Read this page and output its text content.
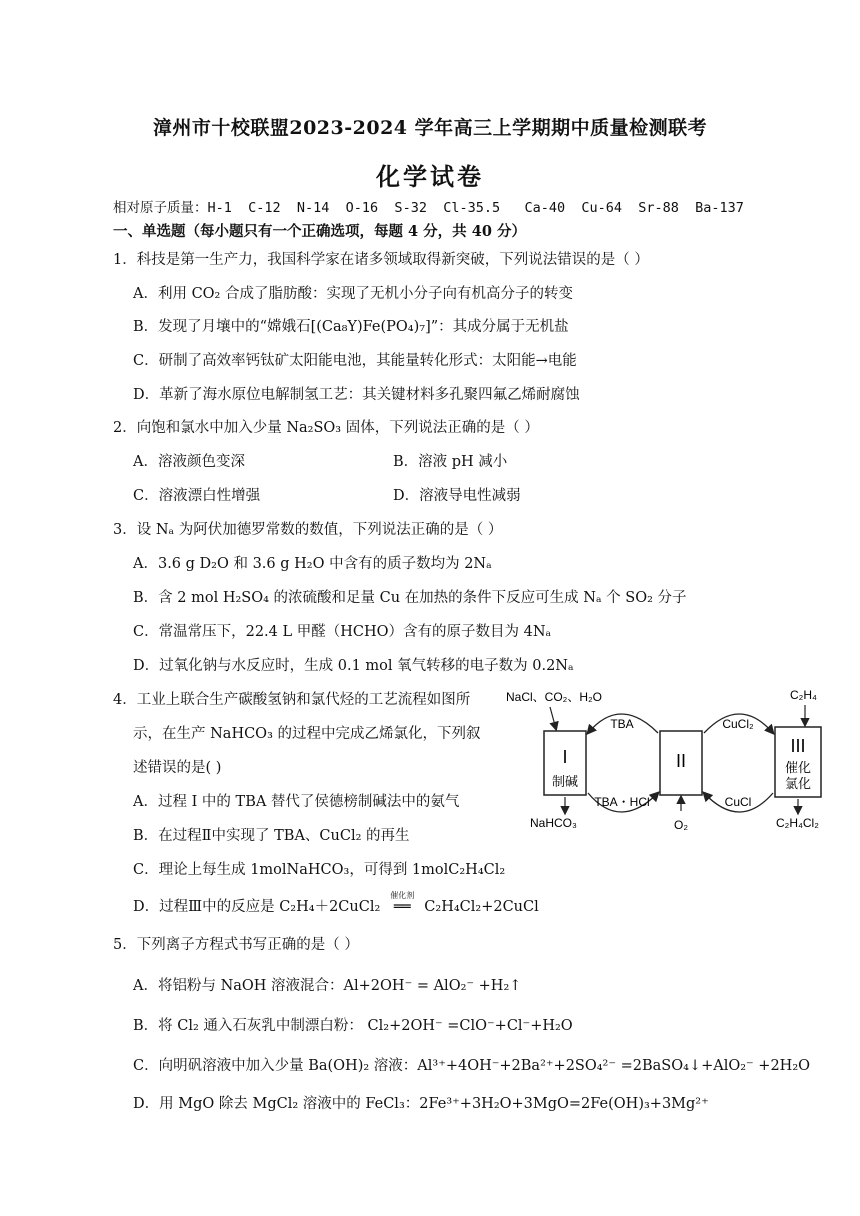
漳州市十校联盟2023-2024 学年高三上学期期中质量检测联考
化学试卷
相对原子质量：H-1  C-12  N-14  O-16  S-32  Cl-35.5   Ca-40  Cu-64  Sr-88  Ba-137
一、单选题（每小题只有一个正确选项，每题 4 分，共 40 分）
1．科技是第一生产力，我国科学家在诸多领域取得新突破，下列说法错误的是（ ）
A．利用 CO₂ 合成了脂肪酸：实现了无机小分子向有机高分子的转变
B．发现了月壤中的“嫦娥石[(Ca₈Y)Fe(PO₄)₇]”：其成分属于无机盐
C．研制了高效率钙钛矿太阳能电池，其能量转化形式：太阳能→电能
D．革新了海水原位电解制氢工艺：其关键材料多孔聚四氟乙烯耐腐蚀
2．向饱和氯水中加入少量 Na₂SO₃ 固体，下列说法正确的是（ ）
A．溶液颜色变深	B．溶液 pH 减小
C．溶液漂白性增强	D．溶液导电性减弱
3．设 Nₐ 为阿伏加德罗常数的数值，下列说法正确的是（ ）
A．3.6 g D₂O 和 3.6 g H₂O 中含有的质子数均为 2Nₐ
B．含 2 mol H₂SO₄ 的浓硫酸和足量 Cu 在加热的条件下反应可生成 Nₐ 个 SO₂ 分子
C．常温常压下，22.4 L 甲醛（HCHO）含有的原子数目为 4Nₐ
D．过氧化钠与水反应时，生成 0.1 mol 氧气转移的电子数为 0.2Nₐ
4．工业上联合生产碳酸氢钠和氯代烃的工艺流程如图所
示，在生产 NaHCO₃ 的过程中完成乙烯氯化，下列叙
述错误的是( )
A．过程 I 中的 TBA 替代了侯德榜制碱法中的氨气
B．在过程Ⅱ中实现了 TBA、CuCl₂ 的再生
C．理论上每生成 1molNaHCO₃，可得到 1molC₂H₄Cl₂
D．过程Ⅲ中的反应是 C₂H₄＋2CuCl₂
催化剂
══ C₂H₄Cl₂+2CuCl
I
制碱
II
III
催化
氯化
NaCl、CO₂、H₂O	C₂H₄
TBA
TBA・HCl
CuCl₂
CuCl
NaHCO₃	O₂	C₂H₄Cl₂
5．下列离子方程式书写正确的是（ ）
A．将铝粉与 NaOH 溶液混合：Al+2OH⁻ = AlO₂⁻ +H₂↑
B．将 Cl₂ 通入石灰乳中制漂白粉： Cl₂+2OH⁻ =ClO⁻+Cl⁻+H₂O
C．向明矾溶液中加入少量 Ba(OH)₂ 溶液：Al³⁺+4OH⁻+2Ba²⁺+2SO₄²⁻ =2BaSO₄↓+AlO₂⁻ +2H₂O
D．用 MgO 除去 MgCl₂ 溶液中的 FeCl₃：2Fe³⁺+3H₂O+3MgO=2Fe(OH)₃+3Mg²⁺
